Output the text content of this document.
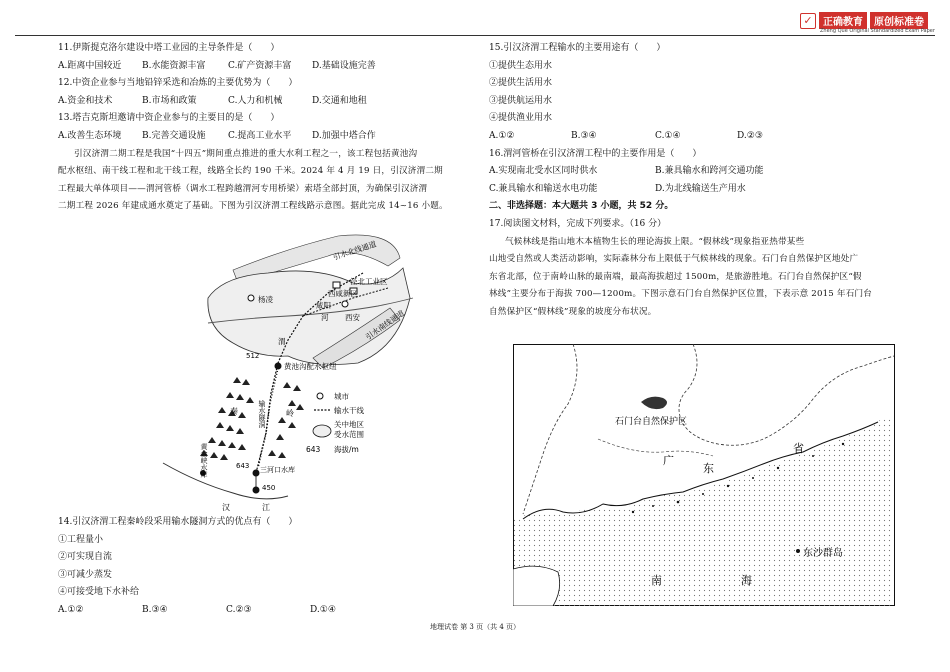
✓	正确教育	原创标准卷
Zheng Que Original Standardized Exam Paper
11.伊斯提克洛尔建设中塔工业园的主导条件是（　　）
A.距离中国较近	B.水能资源丰富	C.矿产资源丰富	D.基础设施完善
12.中资企业参与当地铅锌采选和冶炼的主要优势为（　　）
A.资金和技术	B.市场和政策	C.人力和机械	D.交通和地租
13.塔吉克斯坦邀请中资企业参与的主要目的是（　　）
A.改善生态环境	B.完善交通设施	C.提高工业水平	D.加强中塔合作
引汉济渭二期工程是我国“十四五”期间重点推进的重大水利工程之一，该工程包括黄池沟
配水枢纽、南干线工程和北干线工程，线路全长约 190 千米。2024 年 4 月 19 日，引汉济渭二期
工程最大单体项目——渭河管桥（调水工程跨越渭河专用桥梁）索塔全部封顶，为确保引汉济渭
二期工程 2026 年建成通水奠定了基础。下图为引汉济渭工程线路示意图。据此完成 14~16 小题。
引水北线通道
泾北工业区
西咸新区
咸阳
杨凌
西安 引水南线通道
河
渭
512
黄池沟配水枢纽
秦	岭
输水隧洞
黄金峡水库	643 三河口水库
450
汉	江
城市
输水干线
关中地区
受水范围
643 海拔/m
14.引汉济渭工程秦岭段采用输水隧洞方式的优点有（　　）
①工程量小
②可实现自流
③可减少蒸发
④可接受地下水补给
A.①②	B.③④	C.②③	D.①④
15.引汉济渭工程输水的主要用途有（　　）
①提供生态用水
②提供生活用水
③提供航运用水
④提供渔业用水
A.①②	B.③④	C.①④	D.②③
16.渭河管桥在引汉济渭工程中的主要作用是（　　）
A.实现南北受水区同时供水	B.兼具输水和跨河交通功能
C.兼具输水和输送水电功能	D.为北线输送生产用水
二、非选择题：本大题共 3 小题，共 52 分。
17.阅读图文材料，完成下列要求。（16 分）
气候林线是指山地木本植物生长的理论海拔上限。“假林线”现象指亚热带某些
山地受自然或人类活动影响，实际森林分布上限低于气候林线的现象。石门台自然保护区地处广
东省北部，位于南岭山脉的最南端，最高海拔超过 1500m，是旅游胜地。石门台自然保护区“假
林线”主要分布于海拔 700—1200m。下图示意石门台自然保护区位置，下表示意 2015 年石门台
自然保护区“假林线”现象的坡度分布状况。
石门台自然保护区
广
东
省
东沙群岛
南	海
地理试卷 第 3 页（共 4 页）
